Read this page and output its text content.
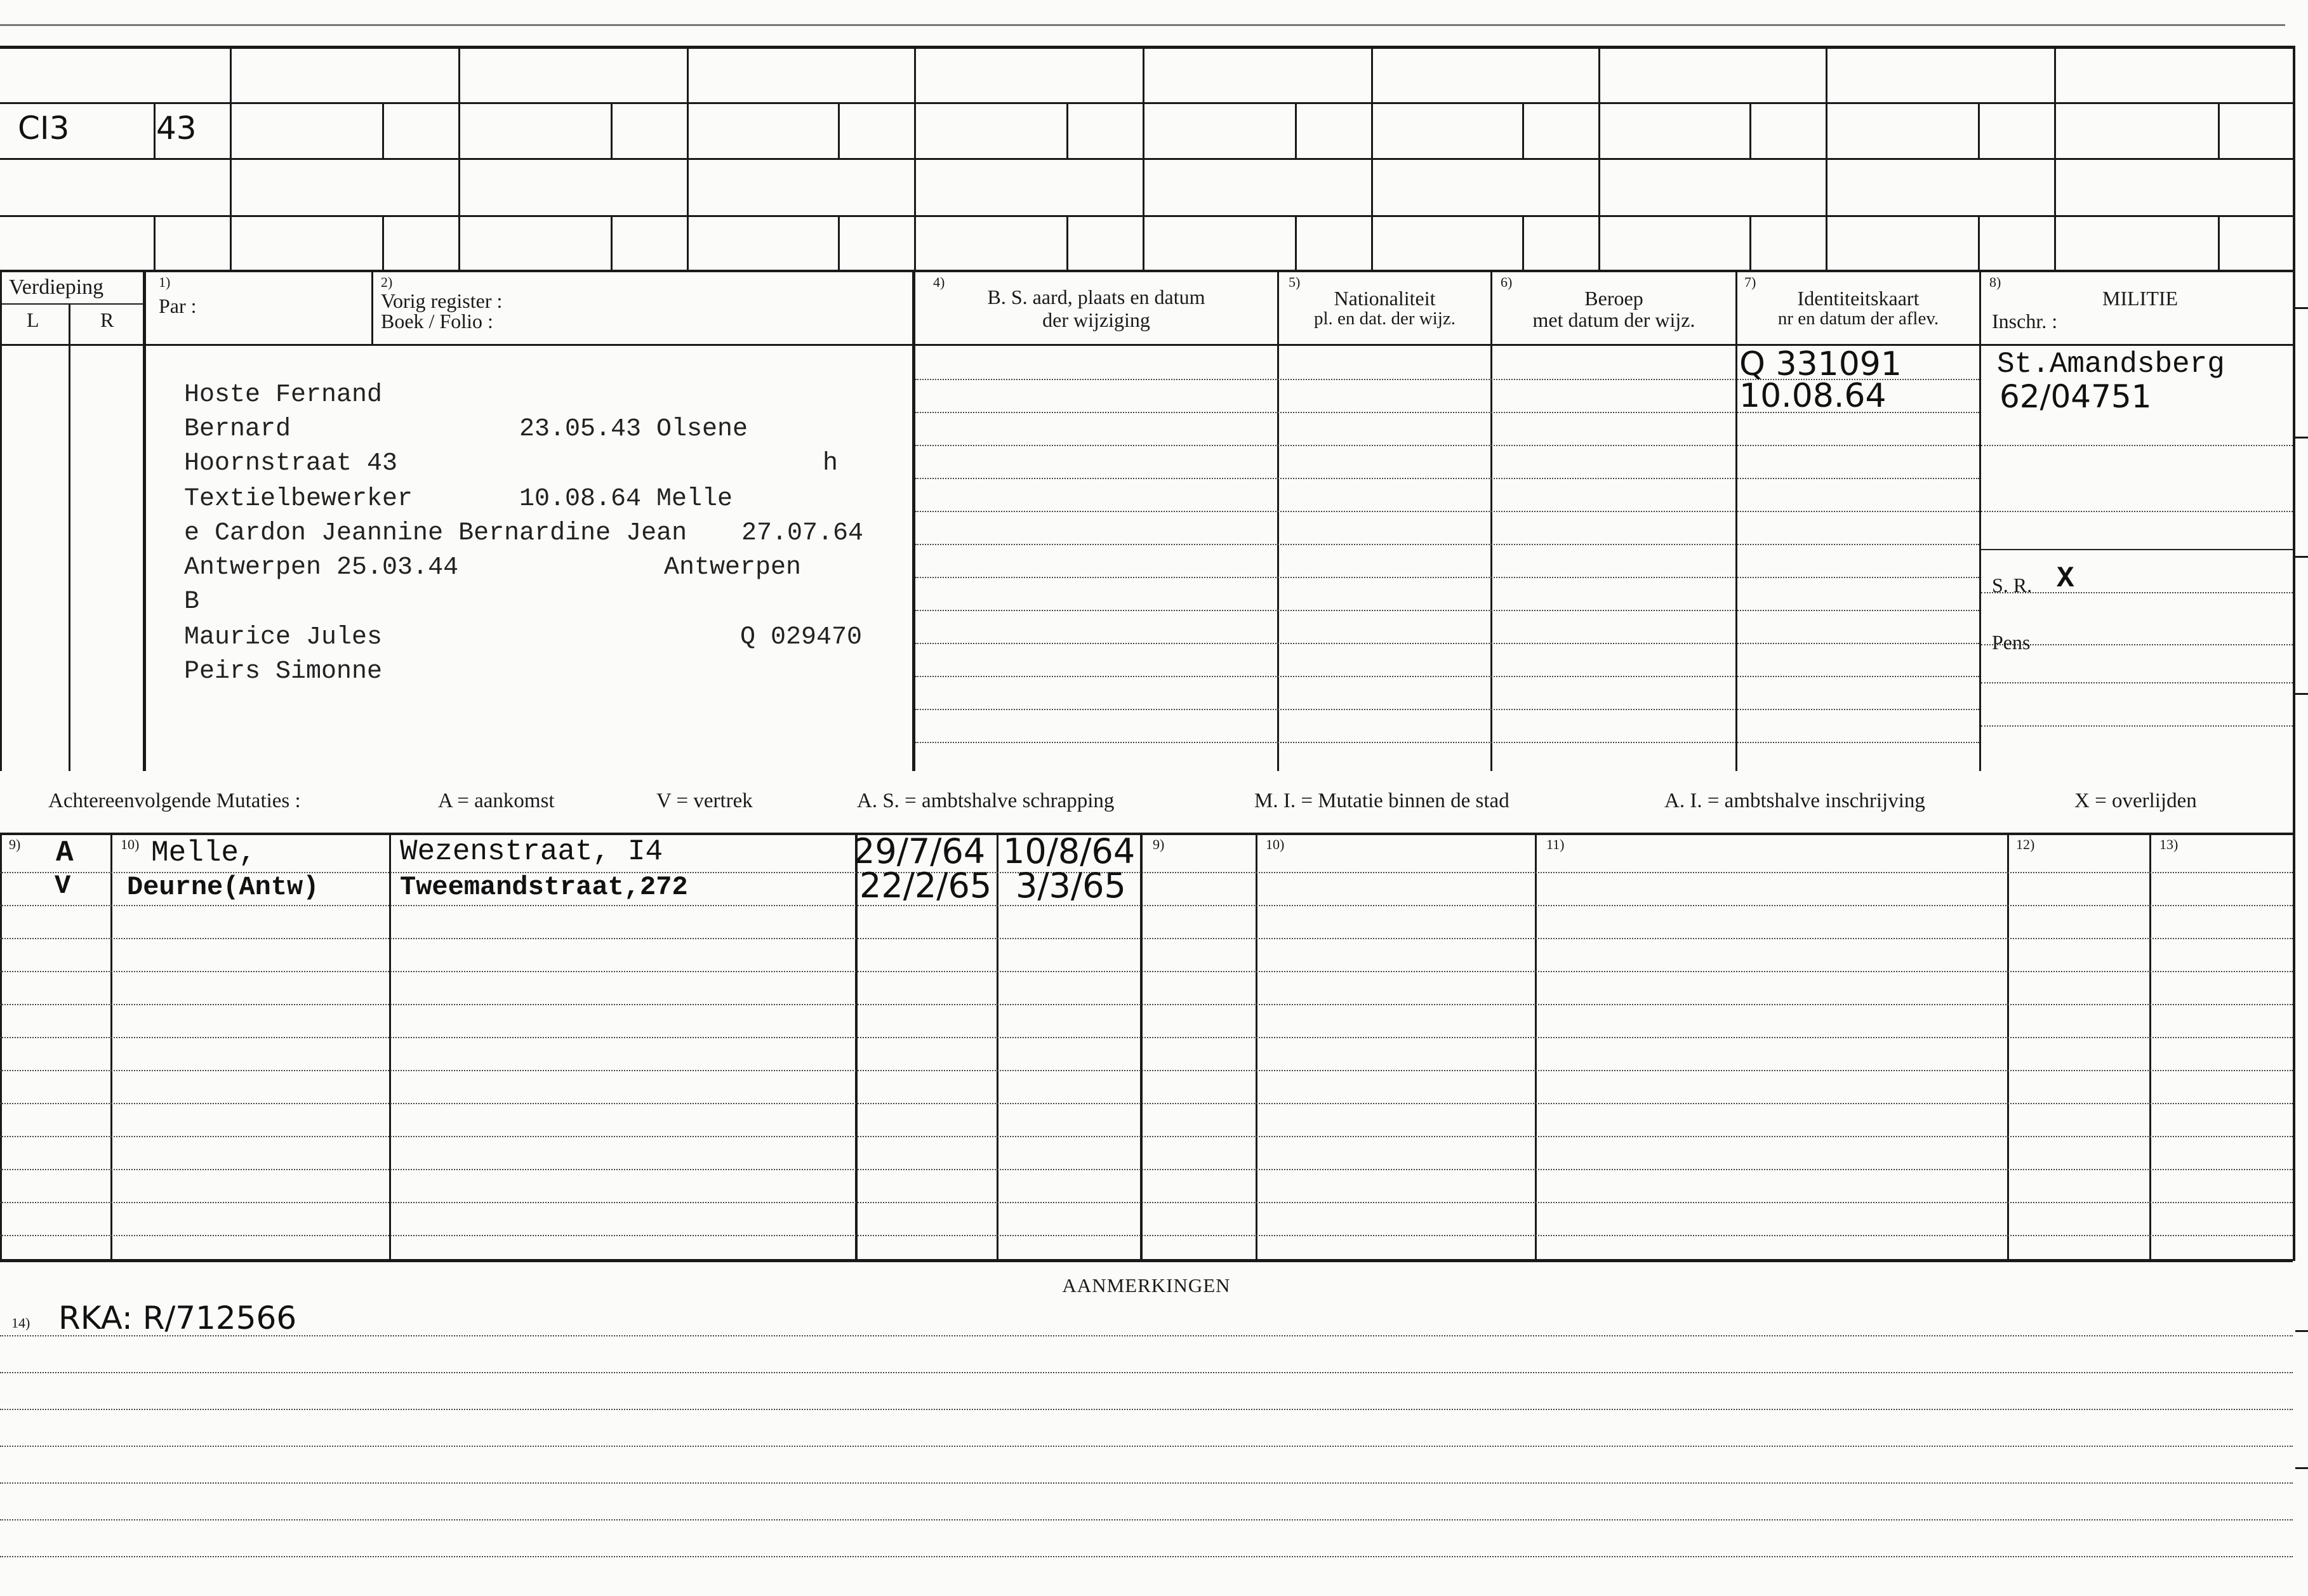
CI3	43
Verdieping
L	R
1)
Par :
2)
Vorig register :
Boek / Folio :
4)
B. S. aard, plaats en datum
der wijziging
5)
Nationaliteit
pl. en dat. der wijz.
6)
Beroep
met datum der wijz.
7)
Identiteitskaart
nr en datum der aflev.
8)
MILITIE
Inschr. :
Hoste Fernand
Bernard	23.05.43 Olsene
Hoornstraat 43	h
Textielbewerker	10.08.64 Melle
e Cardon Jeannine Bernardine Jean 27.07.64
Antwerpen 25.03.44	Antwerpen
B
Maurice Jules	Q 029470
Peirs Simonne
Q 331091
10.08.64
St.Amandsberg
62/04751
S. R. X
Pens
Achtereenvolgende Mutaties :	A = aankomst	V = vertrek	A. S. = ambtshalve schrapping	M. I. = Mutatie binnen de stad	A. I. = ambtshalve inschrijving	X = overlijden
9)	10)	9)	10)	11)	12)	13)
A	Melle,	Wezenstraat, I4	29/7/64 10/8/64
V Deurne(Antw)	Tweemandstraat,272	22/2/65 3/3/65
AANMERKINGEN
14) RKA: R/712566
